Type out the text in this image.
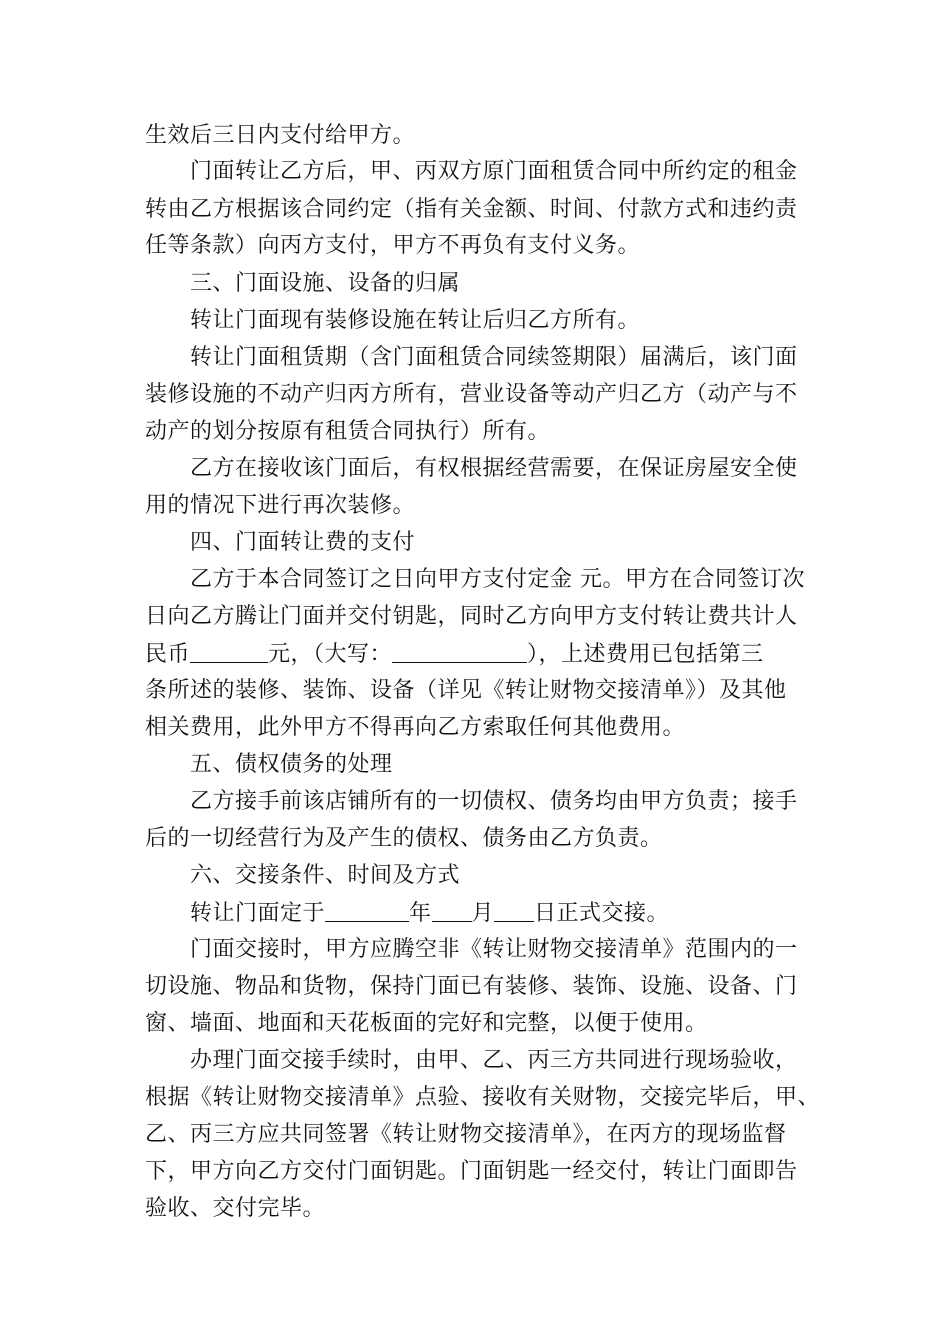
生效后三日内支付给甲方。
门面转让乙方后，甲、丙双方原门面租赁合同中所约定的租金
转由乙方根据该合同约定（指有关金额、时间、付款方式和违约责
任等条款）向丙方支付，甲方不再负有支付义务。
三、门面设施、设备的归属
转让门面现有装修设施在转让后归乙方所有。
转让门面租赁期（含门面租赁合同续签期限）届满后，该门面
装修设施的不动产归丙方所有，营业设备等动产归乙方（动产与不
动产的划分按原有租赁合同执行）所有。
乙方在接收该门面后，有权根据经营需要，在保证房屋安全使
用的情况下进行再次装修。
四、门面转让费的支付
乙方于本合同签订之日向甲方支付定金 元。甲方在合同签订次
日向乙方腾让门面并交付钥匙，同时乙方向甲方支付转让费共计人
民币	元，（大写：	），上述费用已包括第三
条所述的装修、装饰、设备（详见《转让财物交接清单》）及其他
相关费用，此外甲方不得再向乙方索取任何其他费用。
五、债权债务的处理
乙方接手前该店铺所有的一切债权、债务均由甲方负责；接手
后的一切经营行为及产生的债权、债务由乙方负责。
六、交接条件、时间及方式
转让门面定于	年 月 日正式交接。
门面交接时，甲方应腾空非《转让财物交接清单》范围内的一
切设施、物品和货物，保持门面已有装修、装饰、设施、设备、门
窗、墙面、地面和天花板面的完好和完整，以便于使用。
办理门面交接手续时，由甲、乙、丙三方共同进行现场验收，
根据《转让财物交接清单》点验、接收有关财物，交接完毕后，甲、
乙、丙三方应共同签署《转让财物交接清单》，在丙方的现场监督
下，甲方向乙方交付门面钥匙。门面钥匙一经交付，转让门面即告
验收、交付完毕。
